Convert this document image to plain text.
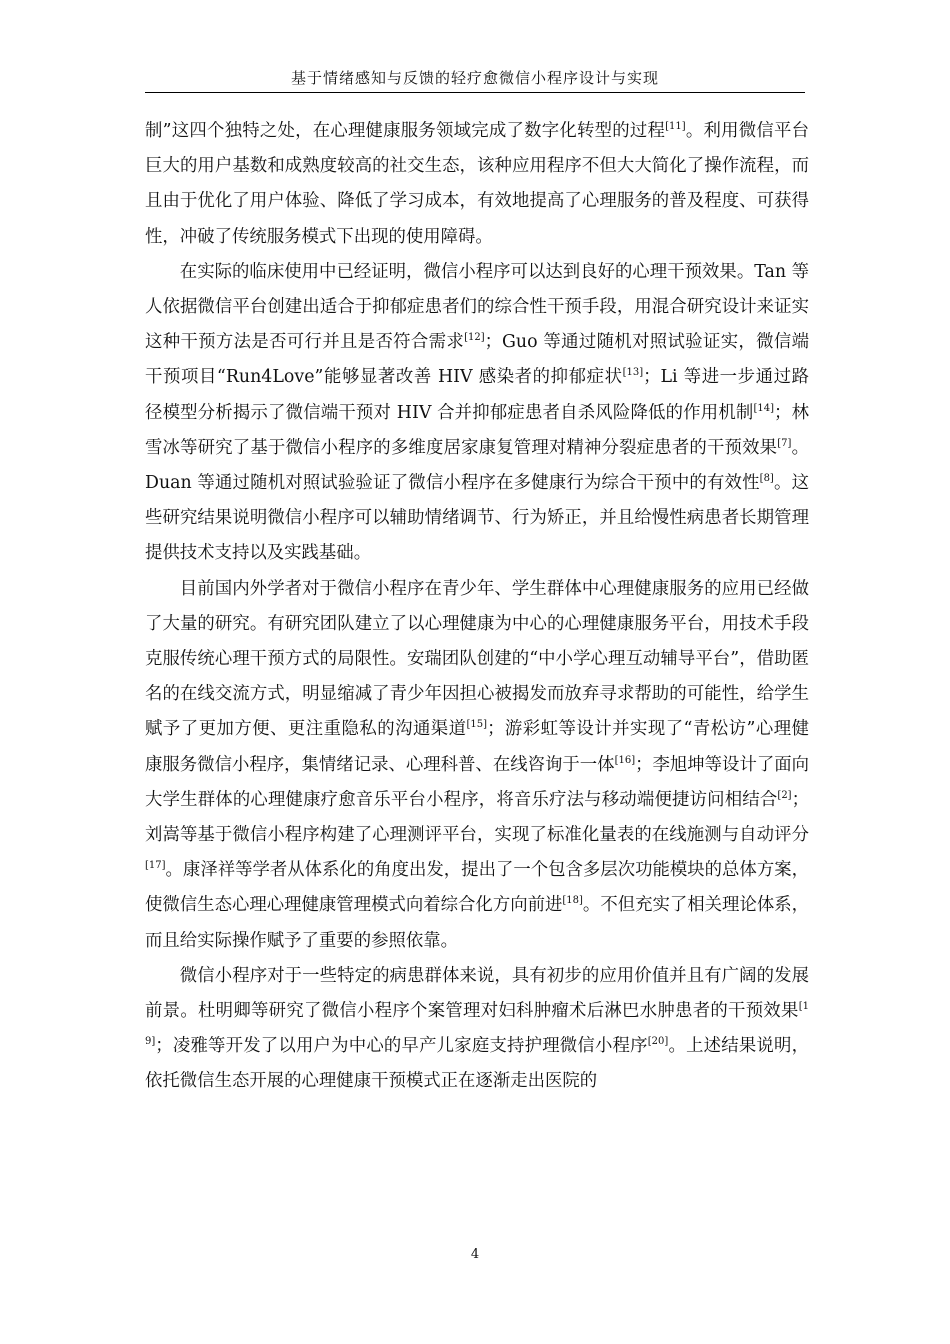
基于情绪感知与反馈的轻疗愈微信小程序设计与实现

制”这四个独特之处，在心理健康服务领域完成了数字化转型的过程[11]。利用微信平台巨大的用户基数和成熟度较高的社交生态，该种应用程序不但大大简化了操作流程，而且由于优化了用户体验、降低了学习成本，有效地提高了心理服务的普及程度、可获得性，冲破了传统服务模式下出现的使用障碍。

在实际的临床使用中已经证明，微信小程序可以达到良好的心理干预效果。Tan 等人依据微信平台创建出适合于抑郁症患者们的综合性干预手段，用混合研究设计来证实这种干预方法是否可行并且是否符合需求[12]；Guo 等通过随机对照试验证实，微信端干预项目“Run4Love”能够显著改善 HIV 感染者的抑郁症状[13]；Li 等进一步通过路径模型分析揭示了微信端干预对 HIV 合并抑郁症患者自杀风险降低的作用机制[14]；林雪冰等研究了基于微信小程序的多维度居家康复管理对精神分裂症患者的干预效果[7]。Duan 等通过随机对照试验验证了微信小程序在多健康行为综合干预中的有效性[8]。这些研究结果说明微信小程序可以辅助情绪调节、行为矫正，并且给慢性病患者长期管理提供技术支持以及实践基础。

目前国内外学者对于微信小程序在青少年、学生群体中心理健康服务的应用已经做了大量的研究。有研究团队建立了以心理健康为中心的心理健康服务平台，用技术手段克服传统心理干预方式的局限性。安瑞团队创建的“中小学心理互动辅导平台”，借助匿名的在线交流方式，明显缩减了青少年因担心被揭发而放弃寻求帮助的可能性，给学生赋予了更加方便、更注重隐私的沟通渠道[15]；游彩虹等设计并实现了“青松访”心理健康服务微信小程序，集情绪记录、心理科普、在线咨询于一体[16]；李旭坤等设计了面向大学生群体的心理健康疗愈音乐平台小程序，将音乐疗法与移动端便捷访问相结合[2]；刘嵩等基于微信小程序构建了心理测评平台，实现了标准化量表的在线施测与自动评分[17]。康泽祥等学者从体系化的角度出发，提出了一个包含多层次功能模块的总体方案，使微信生态心理心理健康管理模式向着综合化方向前进[18]。不但充实了相关理论体系，而且给实际操作赋予了重要的参照依靠。

微信小程序对于一些特定的病患群体来说，具有初步的应用价值并且有广阔的发展前景。杜明卿等研究了微信小程序个案管理对妇科肿瘤术后淋巴水肿患者的干预效果[19]；凌雅等开发了以用户为中心的早产儿家庭支持护理微信小程序[20]。上述结果说明，依托微信生态开展的心理健康干预模式正在逐渐走出医院的

4
